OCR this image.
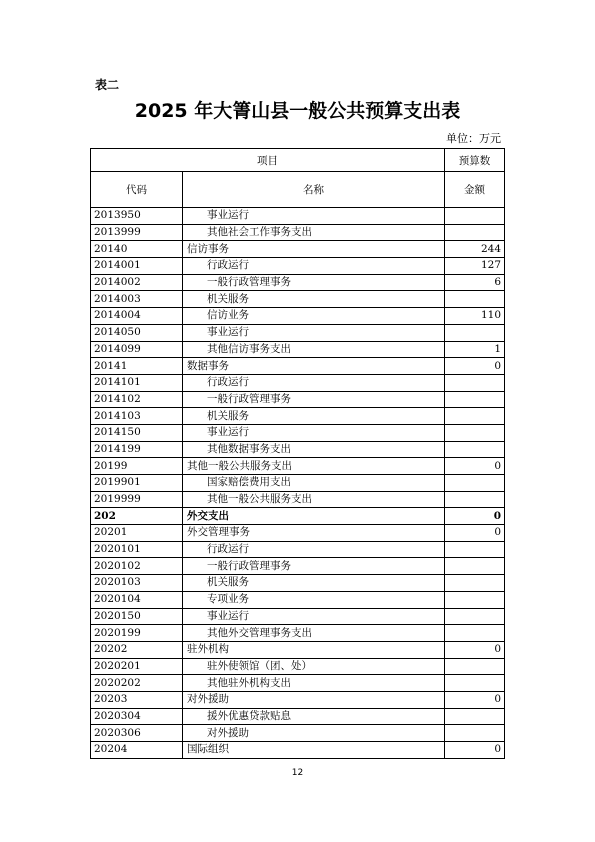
表二
2025 年大箐山县一般公共预算支出表
单位：万元
项目		预算数
代码	名称	金额
2013950	事业运行	
2013999	其他社会工作事务支出	
20140	信访事务	244
2014001	行政运行	127
2014002	一般行政管理事务	6
2014003	机关服务	
2014004	信访业务	110
2014050	事业运行	
2014099	其他信访事务支出	1
20141	数据事务	0
2014101	行政运行	
2014102	一般行政管理事务	
2014103	机关服务	
2014150	事业运行	
2014199	其他数据事务支出	
20199	其他一般公共服务支出	0
2019901	国家赔偿费用支出	
2019999	其他一般公共服务支出	
202	外交支出	0
20201	外交管理事务	0
2020101	行政运行	
2020102	一般行政管理事务	
2020103	机关服务	
2020104	专项业务	
2020150	事业运行	
2020199	其他外交管理事务支出	
20202	驻外机构	0
2020201	驻外使领馆（团、处）	
2020202	其他驻外机构支出	
20203	对外援助	0
2020304	援外优惠贷款贴息	
2020306	对外援助	
20204	国际组织	0
12
